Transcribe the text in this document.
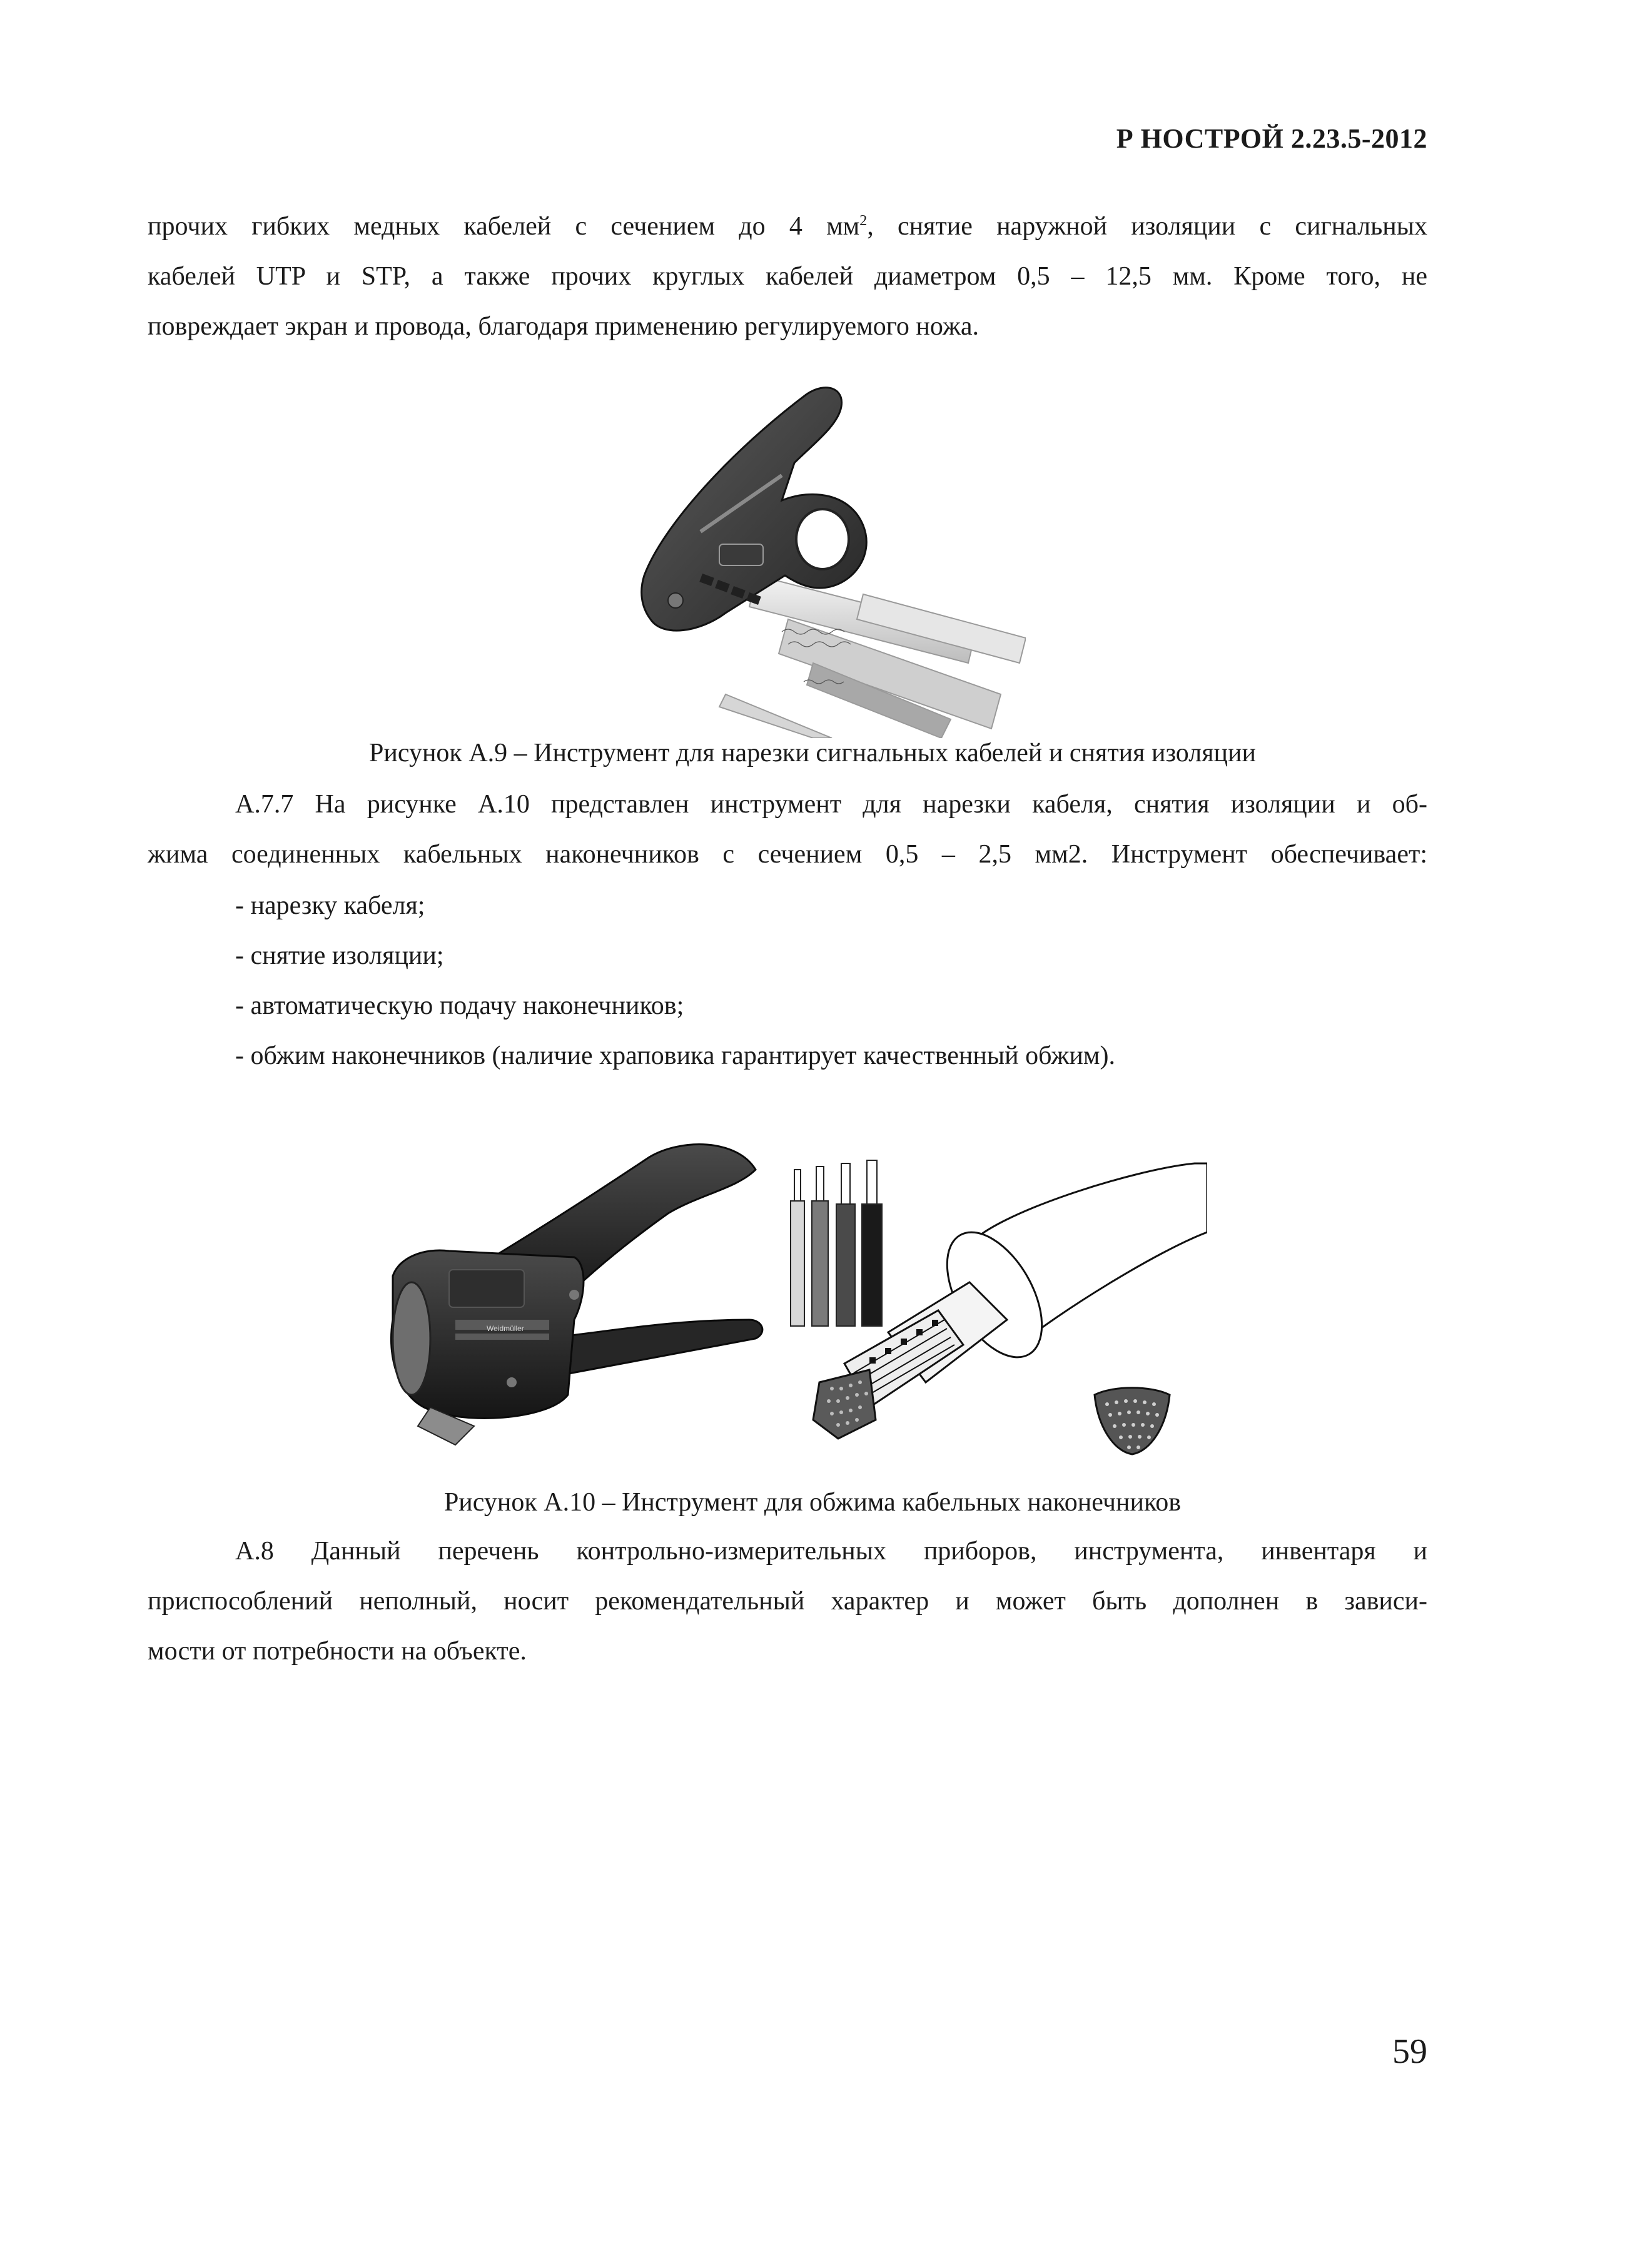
Р НОСТРОЙ 2.23.5-2012
прочих гибких медных кабелей с сечением до 4 $мм^2$, снятие наружной изоляции с сигнальных
кабелей UTP и STP, а также прочих круглых кабелей диаметром 0,5 – 12,5 мм. Кроме того, не
повреждает экран и провода, благодаря применению регулируемого ножа.
Рисунок А.9 – Инструмент для нарезки сигнальных кабелей и снятия изоляции
А.7.7 На рисунке А.10 представлен инструмент для нарезки кабеля, снятия изоляции и об-
жима соединенных кабельных наконечников с сечением 0,5 – 2,5 мм2. Инструмент обеспечивает:
- нарезку кабеля;
- снятие изоляции;
- автоматическую подачу наконечников;
- обжим наконечников (наличие храповика гарантирует качественный обжим).
Weidmüller
Рисунок А.10 – Инструмент для обжима кабельных наконечников
А.8 Данный перечень контрольно-измерительных приборов, инструмента, инвентаря и
приспособлений неполный, носит рекомендательный характер и может быть дополнен в зависи-
мости от потребности на объекте.
59
